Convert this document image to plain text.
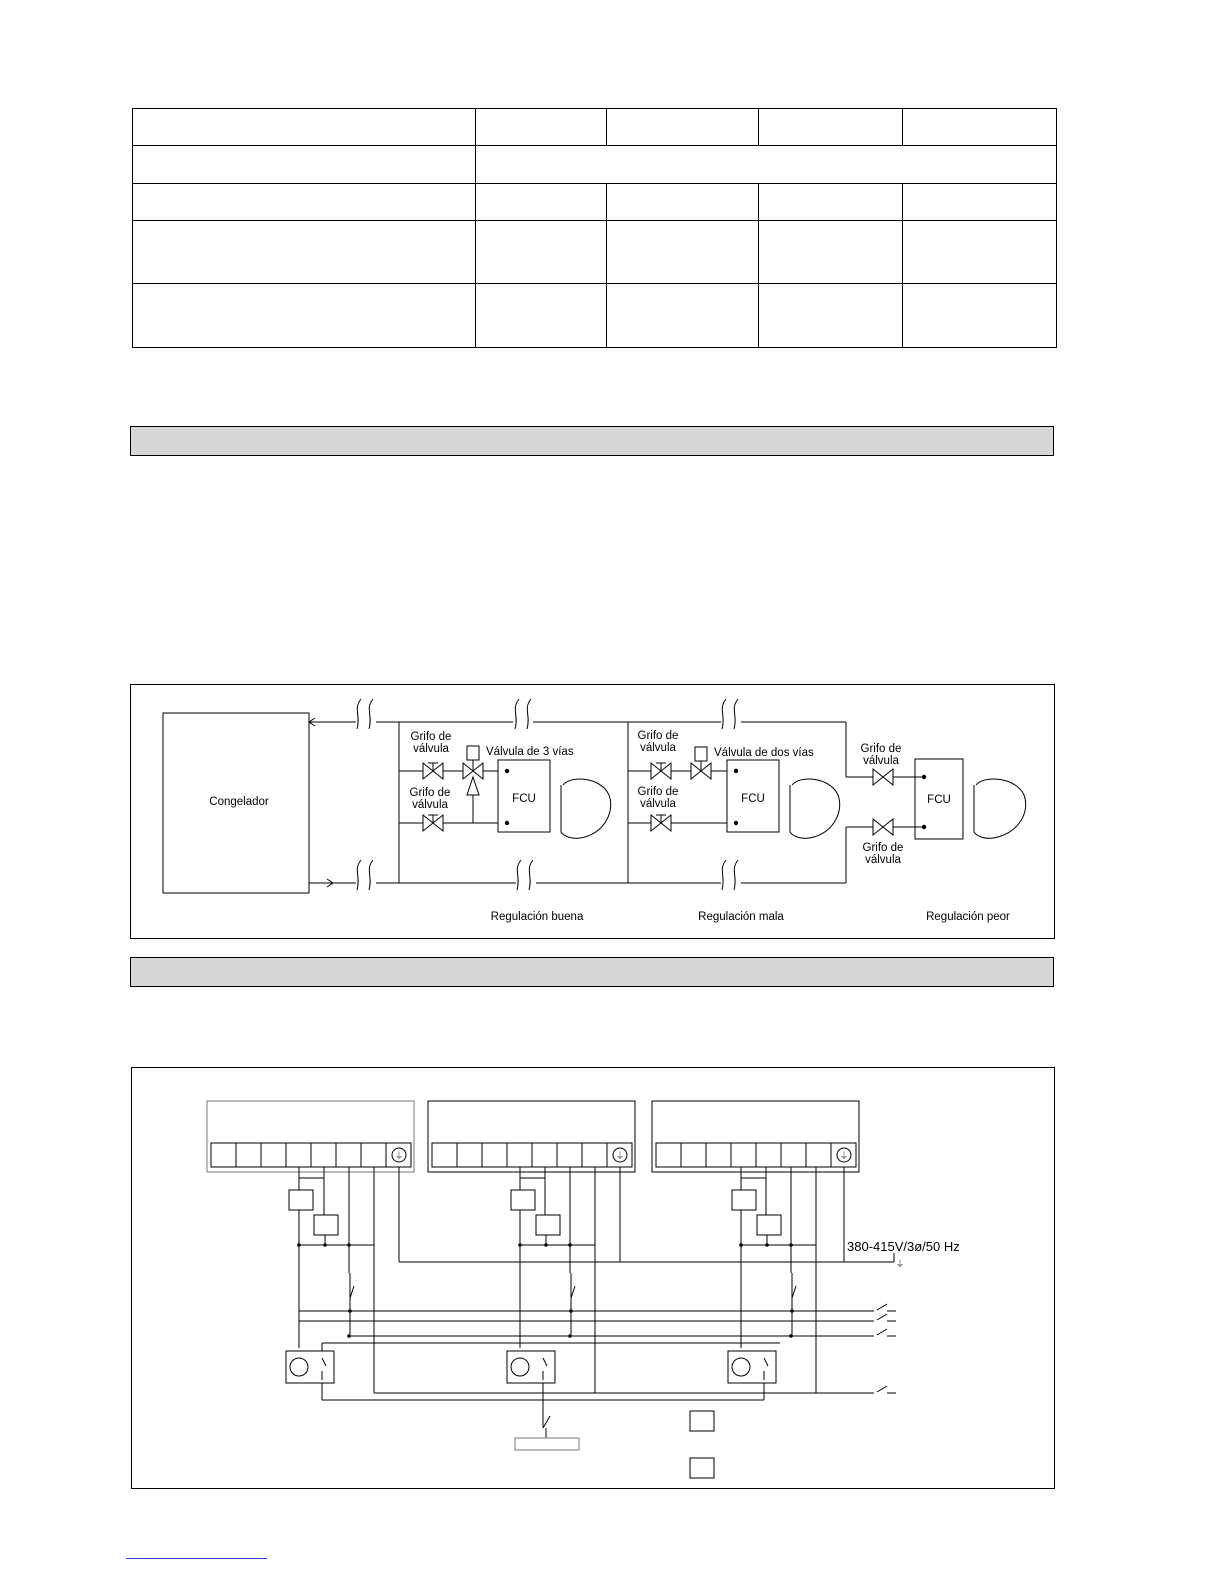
Congelador
Grifo de
válvula
Grifo de
válvula
Válvula de 3 vías
FCU
Grifo de
válvula
Grifo de
válvula
Válvula de dos vías
FCU
Grifo de
válvula
FCU
Grifo de
válvula
Regulación buena	Regulación mala	Regulación peor
⏚	⏚	⏚
⏚
380-415V/3ø/50 Hz
